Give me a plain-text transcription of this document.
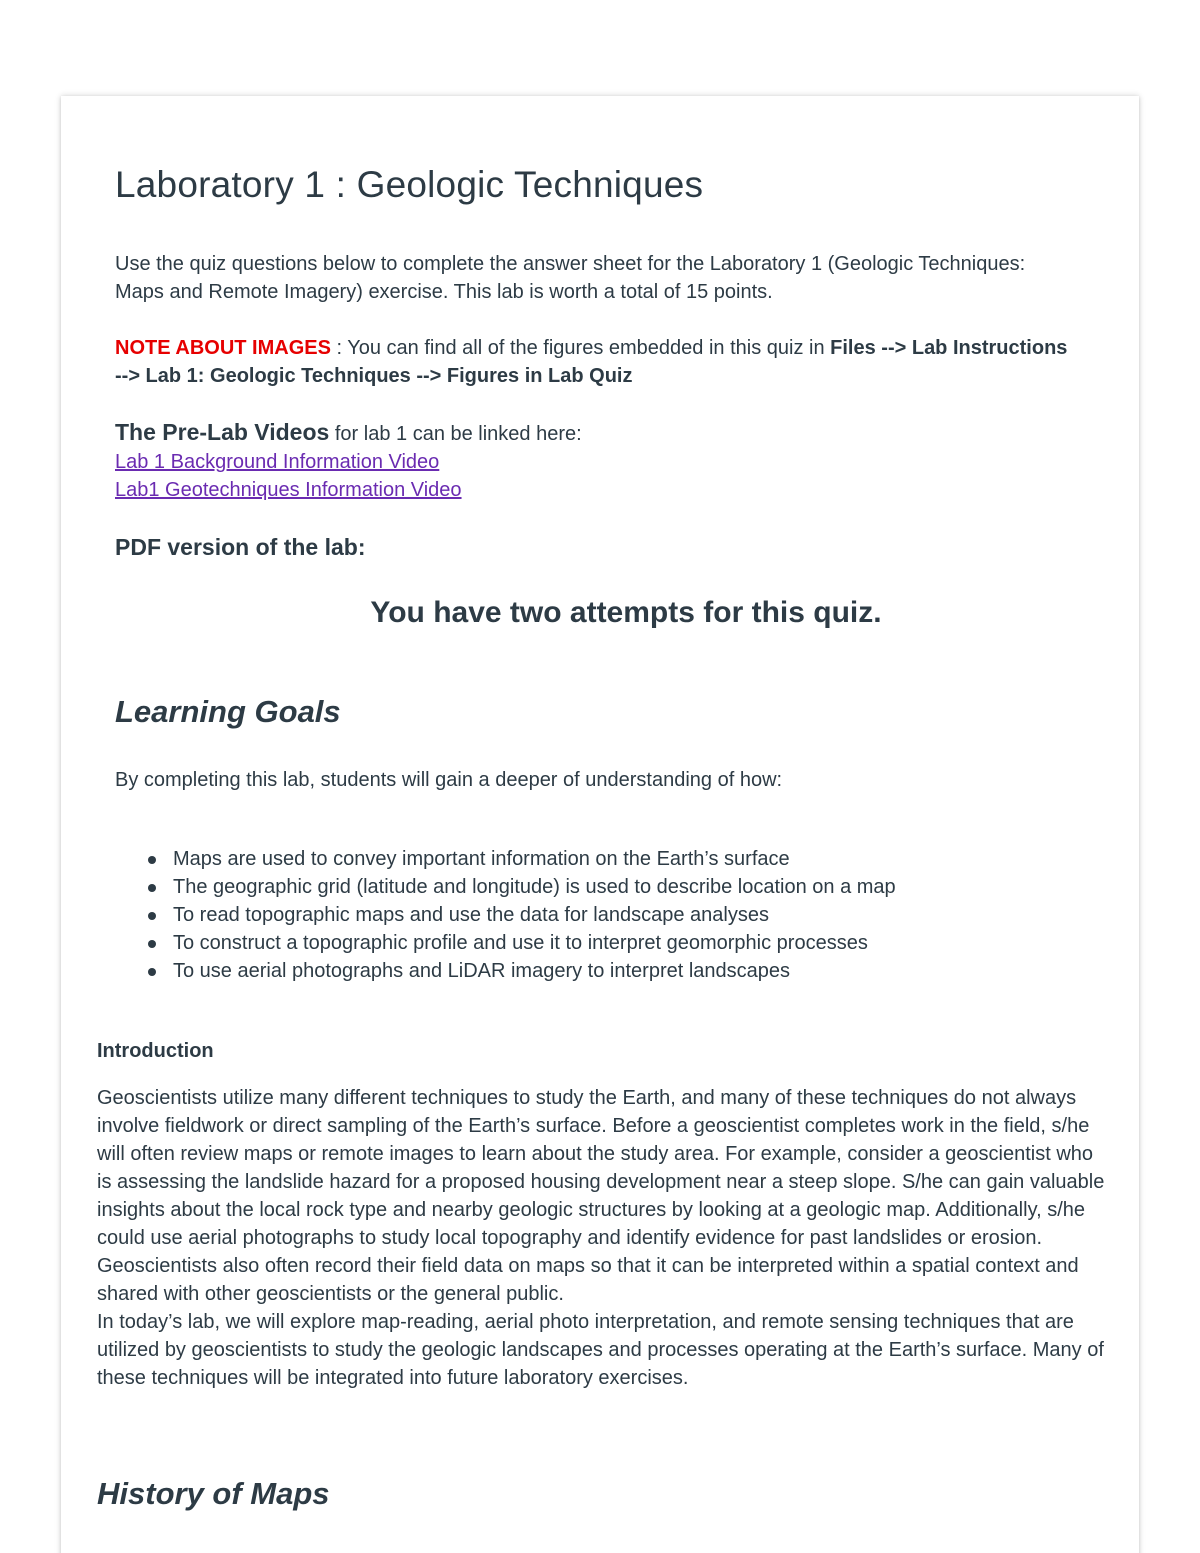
Laboratory 1 : Geologic Techniques

Use the quiz questions below to complete the answer sheet for the Laboratory 1 (Geologic Techniques: Maps and Remote Imagery) exercise. This lab is worth a total of 15 points.

NOTE ABOUT IMAGES : You can find all of the figures embedded in this quiz in Files --> Lab Instructions --> Lab 1: Geologic Techniques --> Figures in Lab Quiz

The Pre-Lab Videos for lab 1 can be linked here:
Lab 1 Background Information Video
Lab1 Geotechniques Information Video

PDF version of the lab:

You have two attempts for this quiz.

Learning Goals

By completing this lab, students will gain a deeper of understanding of how:

Maps are used to convey important information on the Earth’s surface
The geographic grid (latitude and longitude) is used to describe location on a map
To read topographic maps and use the data for landscape analyses
To construct a topographic profile and use it to interpret geomorphic processes
To use aerial photographs and LiDAR imagery to interpret landscapes
Introduction
Geoscientists utilize many different techniques to study the Earth, and many of these techniques do not always involve fieldwork or direct sampling of the Earth’s surface. Before a geoscientist completes work in the field, s/he will often review maps or remote images to learn about the study area. For example, consider a geoscientist who is assessing the landslide hazard for a proposed housing development near a steep slope. S/he can gain valuable insights about the local rock type and nearby geologic structures by looking at a geologic map. Additionally, s/he could use aerial photographs to study local topography and identify evidence for past landslides or erosion. Geoscientists also often record their field data on maps so that it can be interpreted within a spatial context and shared with other geoscientists or the general public.
In today’s lab, we will explore map-reading, aerial photo interpretation, and remote sensing techniques that are utilized by geoscientists to study the geologic landscapes and processes operating at the Earth’s surface. Many of these techniques will be integrated into future laboratory exercises.
History of Maps
